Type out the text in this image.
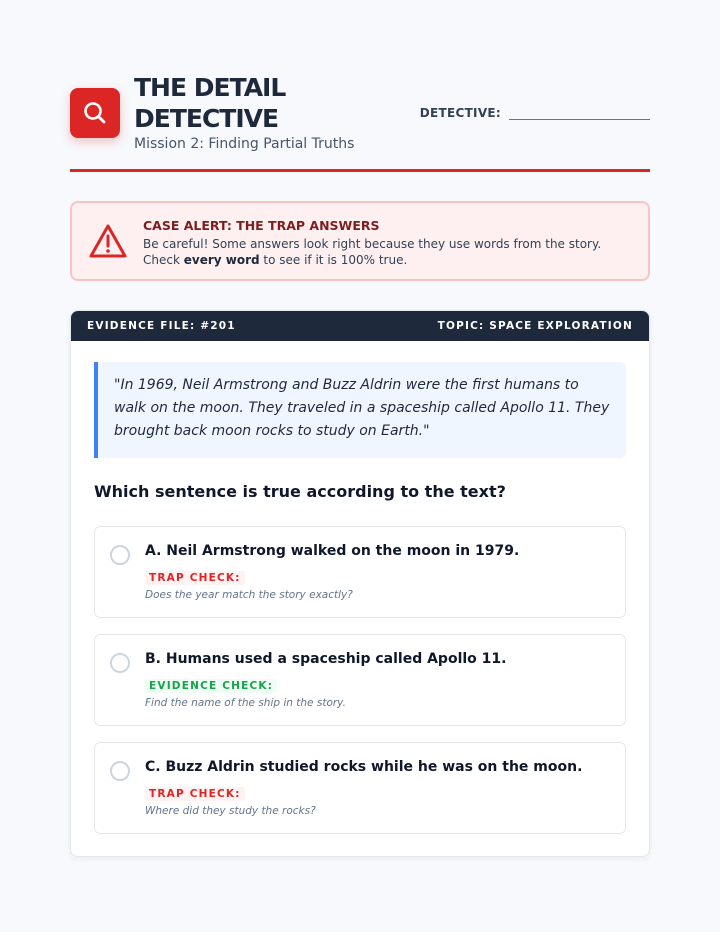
THE DETAIL DETECTIVE
Mission 2: Finding Partial Truths
DETECTIVE:
CASE ALERT: THE TRAP ANSWERS
Be careful! Some answers look right because they use words from the story. Check every word to see if it is 100% true.
EVIDENCE FILE: #201	TOPIC: SPACE EXPLORATION
"In 1969, Neil Armstrong and Buzz Aldrin were the first humans to walk on the moon. They traveled in a spaceship called Apollo 11. They brought back moon rocks to study on Earth."
Which sentence is true according to the text?
A. Neil Armstrong walked on the moon in 1979.
TRAP CHECK:
Does the year match the story exactly?
B. Humans used a spaceship called Apollo 11.
EVIDENCE CHECK:
Find the name of the ship in the story.
C. Buzz Aldrin studied rocks while he was on the moon.
TRAP CHECK:
Where did they study the rocks?
